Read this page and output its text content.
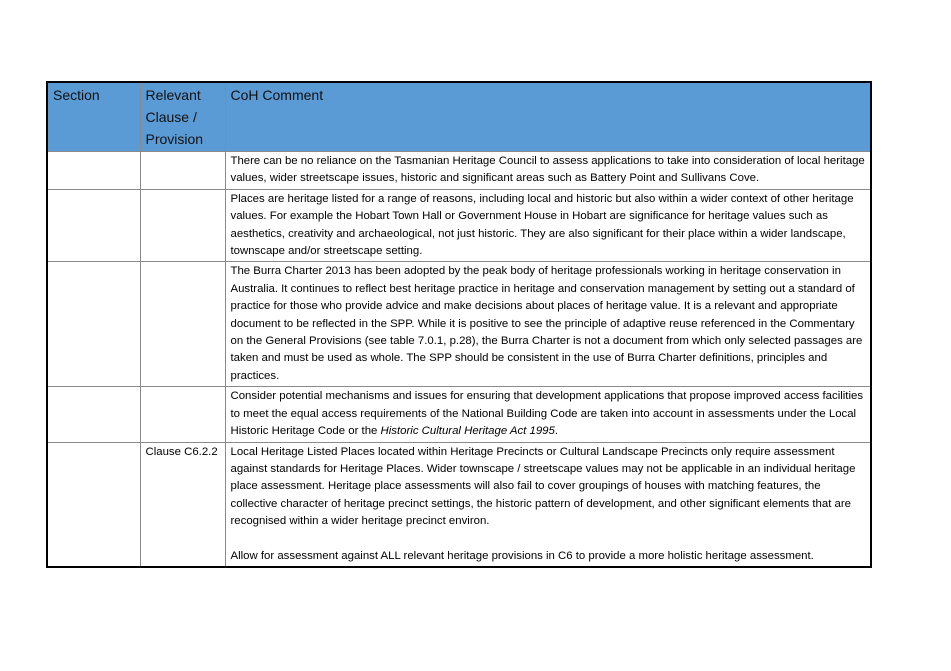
Section	Relevant Clause / Provision	CoH Comment
		There can be no reliance on the Tasmanian Heritage Council to assess applications to take into consideration of local heritage values, wider streetscape issues, historic and significant areas such as Battery Point and Sullivans Cove.
		Places are heritage listed for a range of reasons, including local and historic but also within a wider context of other heritage values. For example the Hobart Town Hall or Government House in Hobart are significance for heritage values such as aesthetics, creativity and archaeological, not just historic. They are also significant for their place within a wider landscape, townscape and/or streetscape setting.
		The Burra Charter 2013 has been adopted by the peak body of heritage professionals working in heritage conservation in Australia. It continues to reflect best heritage practice in heritage and conservation management by setting out a standard of practice for those who provide advice and make decisions about places of heritage value. It is a relevant and appropriate document to be reflected in the SPP. While it is positive to see the principle of adaptive reuse referenced in the Commentary on the General Provisions (see table 7.0.1, p.28), the Burra Charter is not a document from which only selected passages are taken and must be used as whole. The SPP should be consistent in the use of Burra Charter definitions, principles and practices.
		Consider potential mechanisms and issues for ensuring that development applications that propose improved access facilities to meet the equal access requirements of the National Building Code are taken into account in assessments under the Local Historic Heritage Code or the Historic Cultural Heritage Act 1995.
	Clause C6.2.2	Local Heritage Listed Places located within Heritage Precincts or Cultural Landscape Precincts only require assessment against standards for Heritage Places. Wider townscape / streetscape values may not be applicable in an individual heritage place assessment. Heritage place assessments will also fail to cover groupings of houses with matching features, the collective character of heritage precinct settings, the historic pattern of development, and other significant elements that are recognised within a wider heritage precinct environ.
Allow for assessment against ALL relevant heritage provisions in C6 to provide a more holistic heritage assessment.
